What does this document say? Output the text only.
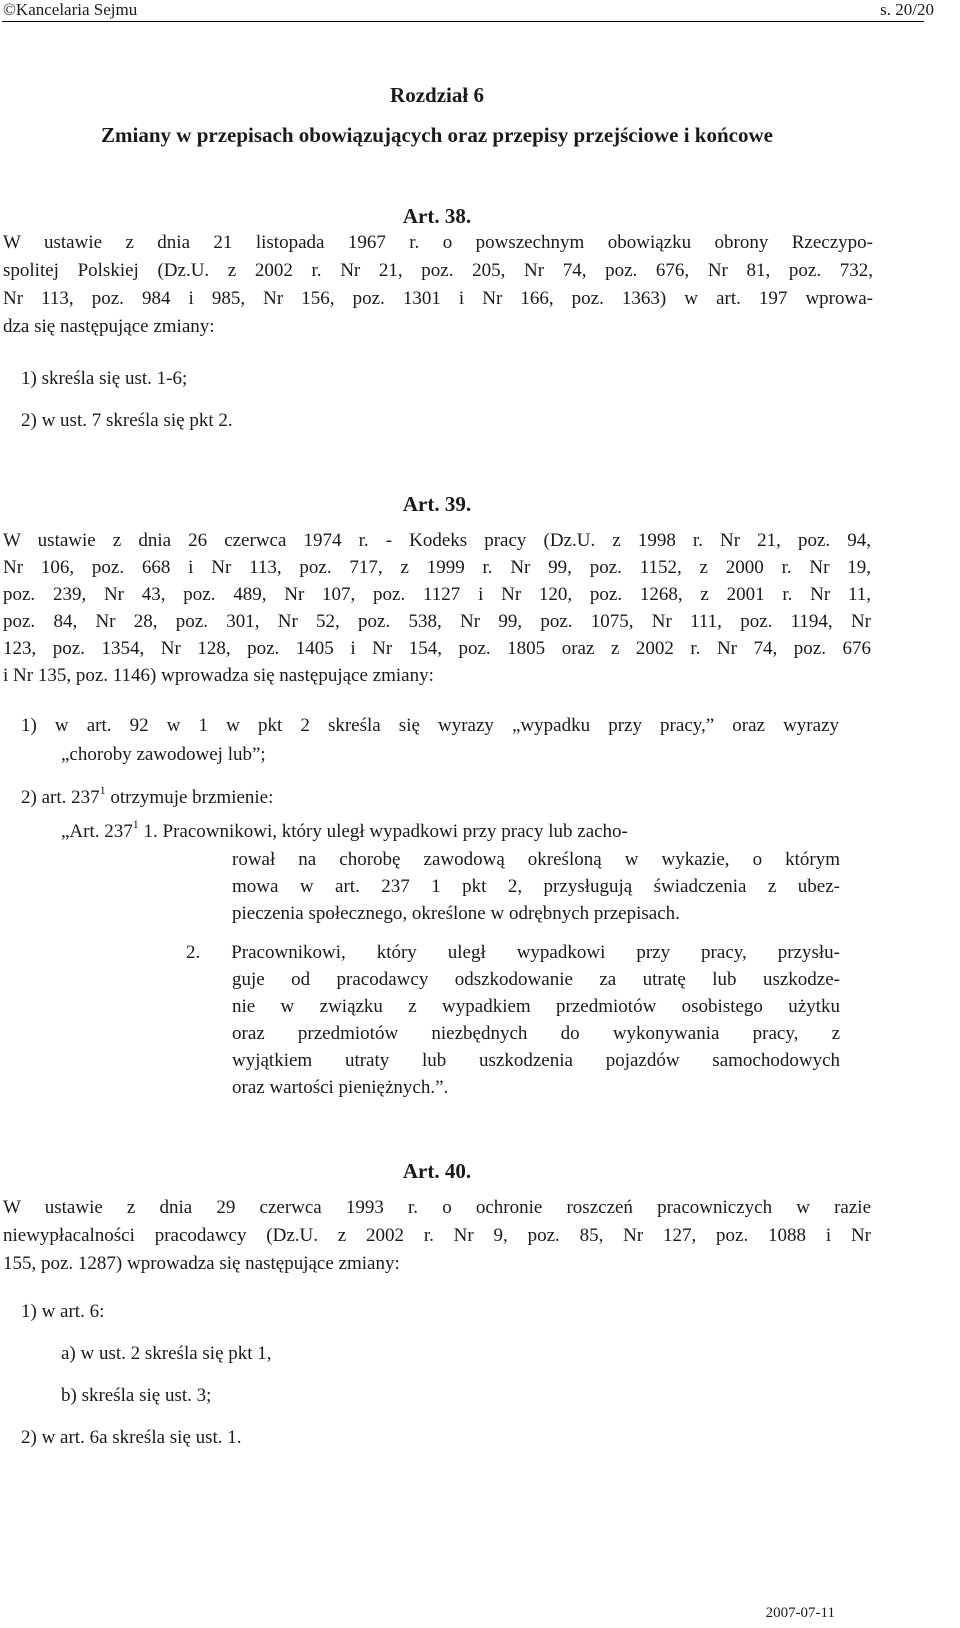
©Kancelaria Sejmu	s. 20/20
Rozdział 6
Zmiany w przepisach obowiązujących oraz przepisy przejściowe i końcowe
Art. 38.
W ustawie z dnia 21 listopada 1967 r. o powszechnym obowiązku obrony Rzeczypo-
spolitej Polskiej (Dz.U. z 2002 r. Nr 21, poz. 205, Nr 74, poz. 676, Nr 81, poz. 732,
Nr 113, poz. 984 i 985, Nr 156, poz. 1301 i Nr 166, poz. 1363) w art. 197 wprowa-
dza się następujące zmiany:
1) skreśla się ust. 1-6;
2) w ust. 7 skreśla się pkt 2.
Art. 39.
W ustawie z dnia 26 czerwca 1974 r. - Kodeks pracy (Dz.U. z 1998 r. Nr 21, poz. 94,
Nr 106, poz. 668 i Nr 113, poz. 717, z 1999 r. Nr 99, poz. 1152, z 2000 r. Nr 19,
poz. 239, Nr 43, poz. 489, Nr 107, poz. 1127 i Nr 120, poz. 1268, z 2001 r. Nr 11,
poz. 84, Nr 28, poz. 301, Nr 52, poz. 538, Nr 99, poz. 1075, Nr 111, poz. 1194, Nr
123, poz. 1354, Nr 128, poz. 1405 i Nr 154, poz. 1805 oraz z 2002 r. Nr 74, poz. 676
i Nr 135, poz. 1146) wprowadza się następujące zmiany:
1) w art. 92 w 1 w pkt 2 skreśla się wyrazy „wypadku przy pracy,” oraz wyrazy
„choroby zawodowej lub”;
2) art. $237^1$ otrzymuje brzmienie:
„Art. $237^1$ 1. Pracownikowi, który uległ wypadkowi przy pracy lub zacho-
rował na chorobę zawodową określoną w wykazie, o którym
mowa w art. 237 1 pkt 2, przysługują świadczenia z ubez-
pieczenia społecznego, określone w odrębnych przepisach.
2. Pracownikowi, który uległ wypadkowi przy pracy, przysłu-
guje od pracodawcy odszkodowanie za utratę lub uszkodze-
nie w związku z wypadkiem przedmiotów osobistego użytku
oraz przedmiotów niezbędnych do wykonywania pracy, z
wyjątkiem utraty lub uszkodzenia pojazdów samochodowych
oraz wartości pieniężnych.”.
Art. 40.
W ustawie z dnia 29 czerwca 1993 r. o ochronie roszczeń pracowniczych w razie
niewypłacalności pracodawcy (Dz.U. z 2002 r. Nr 9, poz. 85, Nr 127, poz. 1088 i Nr
155, poz. 1287) wprowadza się następujące zmiany:
1) w art. 6:
a) w ust. 2 skreśla się pkt 1,
b) skreśla się ust. 3;
2) w art. 6a skreśla się ust. 1.
2007-07-11
